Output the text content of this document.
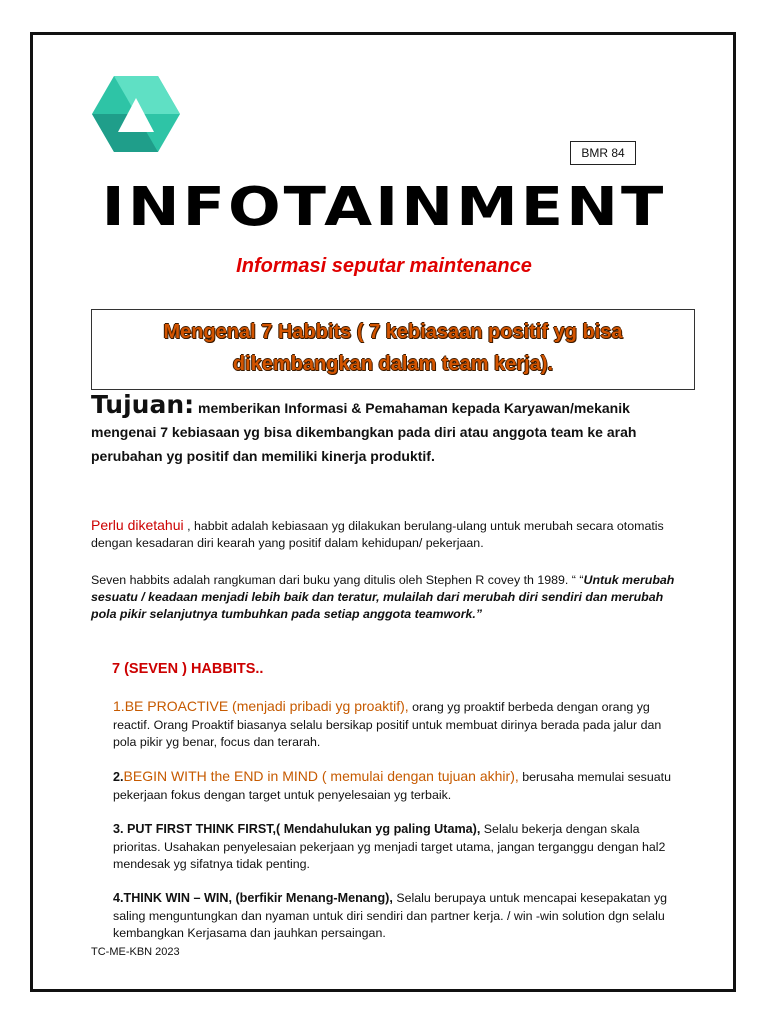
BMR 84
INFOTAINMENT
Informasi seputar maintenance
Mengenal 7 Habbits ( 7 kebiasaan positif yg bisa
dikembangkan dalam team kerja).
Tujuan: memberikan Informasi & Pemahaman kepada Karyawan/mekanik mengenai 7 kebiasaan yg bisa dikembangkan pada diri atau anggota team ke arah perubahan yg positif dan memiliki kinerja produktif.
Perlu diketahui , habbit adalah kebiasaan yg dilakukan berulang-ulang untuk merubah secara otomatis dengan kesadaran diri kearah yang positif dalam kehidupan/ pekerjaan.
Seven habbits adalah rangkuman dari buku yang ditulis oleh Stephen R covey th 1989. “ “Untuk merubah sesuatu / keadaan menjadi lebih baik dan teratur, mulailah dari merubah diri sendiri dan merubah pola pikir selanjutnya tumbuhkan pada setiap anggota teamwork.”
7 (SEVEN ) HABBITS..
1.BE PROACTIVE (menjadi pribadi yg proaktif), orang yg proaktif berbeda dengan orang yg reactif. Orang Proaktif biasanya selalu bersikap positif untuk membuat dirinya berada pada jalur dan pola pikir yg benar, focus dan terarah.
2.BEGIN WITH the END in MIND ( memulai dengan tujuan akhir), berusaha memulai sesuatu pekerjaan fokus dengan target untuk penyelesaian yg terbaik.
3. PUT FIRST THINK FIRST,( Mendahulukan yg paling Utama), Selalu bekerja dengan skala prioritas. Usahakan penyelesaian pekerjaan yg menjadi target utama, jangan terganggu dengan hal2 mendesak yg sifatnya tidak penting.
4.THINK WIN – WIN, (berfikir Menang-Menang), Selalu berupaya untuk mencapai kesepakatan yg saling menguntungkan dan nyaman untuk diri sendiri dan partner kerja. / win -win solution dgn selalu kembangkan Kerjasama dan jauhkan persaingan.
TC-ME-KBN 2023
